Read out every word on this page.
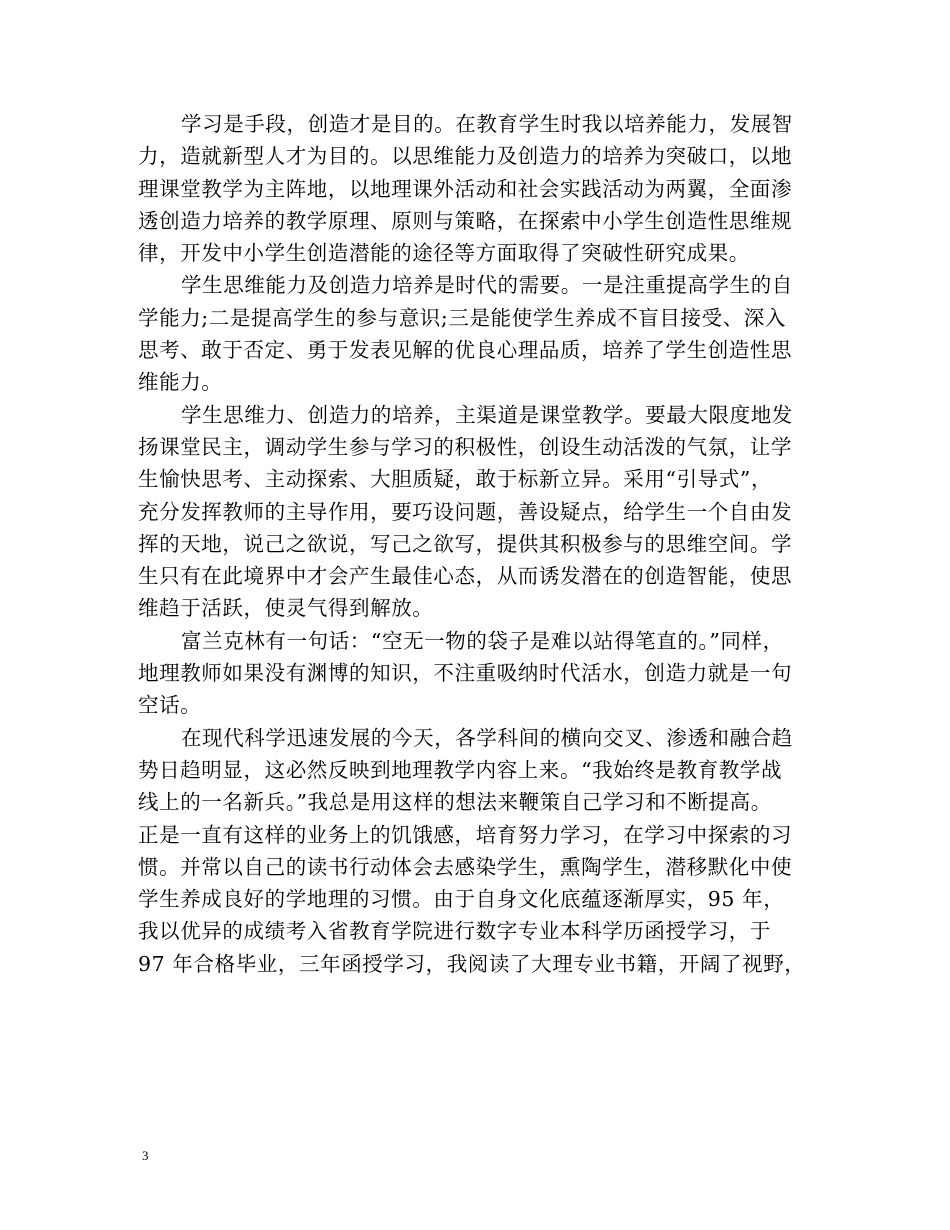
学习是手段，创造才是目的。在教育学生时我以培养能力，发展智
力，造就新型人才为目的。以思维能力及创造力的培养为突破口，以地
理课堂教学为主阵地，以地理课外活动和社会实践活动为两翼，全面渗
透创造力培养的教学原理、原则与策略，在探索中小学生创造性思维规
律，开发中小学生创造潜能的途径等方面取得了突破性研究成果。
学生思维能力及创造力培养是时代的需要。一是注重提高学生的自
学能力;二是提高学生的参与意识;三是能使学生养成不盲目接受、深入
思考、敢于否定、勇于发表见解的优良心理品质，培养了学生创造性思
维能力。
学生思维力、创造力的培养，主渠道是课堂教学。要最大限度地发
扬课堂民主，调动学生参与学习的积极性，创设生动活泼的气氛，让学
生愉快思考、主动探索、大胆质疑，敢于标新立异。采用“引导式”，
充分发挥教师的主导作用，要巧设问题，善设疑点，给学生一个自由发
挥的天地，说己之欲说，写己之欲写，提供其积极参与的思维空间。学
生只有在此境界中才会产生最佳心态，从而诱发潜在的创造智能，使思
维趋于活跃，使灵气得到解放。
富兰克林有一句话：“空无一物的袋子是难以站得笔直的。”同样，
地理教师如果没有渊博的知识，不注重吸纳时代活水，创造力就是一句
空话。
在现代科学迅速发展的今天，各学科间的横向交叉、渗透和融合趋
势日趋明显，这必然反映到地理教学内容上来。“我始终是教育教学战
线上的一名新兵。”我总是用这样的想法来鞭策自己学习和不断提高。
正是一直有这样的业务上的饥饿感，培育努力学习，在学习中探索的习
惯。并常以自己的读书行动体会去感染学生，熏陶学生，潜移默化中使
学生养成良好的学地理的习惯。由于自身文化底蕴逐渐厚实，95 年，
我以优异的成绩考入省教育学院进行数字专业本科学历函授学习，于
97 年合格毕业，三年函授学习，我阅读了大理专业书籍，开阔了视野，
3
